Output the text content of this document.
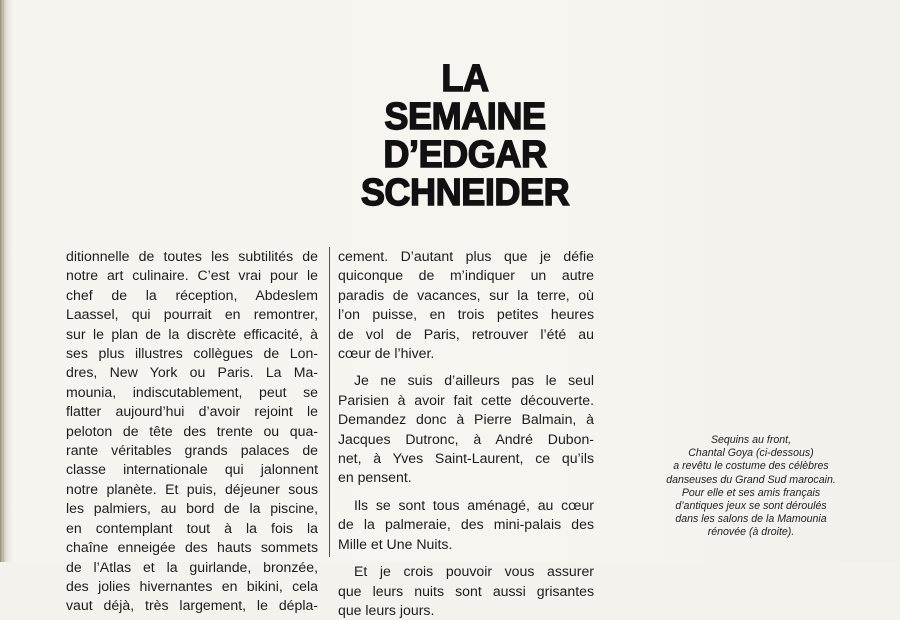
LA
SEMAINE
D’EDGAR
SCHNEIDER
ditionnelle de toutes les subtilités de
notre art culinaire. C’est vrai pour le
chef de la réception, Abdeslem
Laassel, qui pourrait en remontrer,
sur le plan de la discrète efficacité, à
ses plus illustres collègues de Lon-
dres, New York ou Paris. La Ma-
mounia, indiscutablement, peut se
flatter aujourd’hui d’avoir rejoint le
peloton de tête des trente ou qua-
rante véritables grands palaces de
classe internationale qui jalonnent
notre planète. Et puis, déjeuner sous
les palmiers, au bord de la piscine,
en contemplant tout à la fois la
chaîne enneigée des hauts sommets
de l’Atlas et la guirlande, bronzée,
des jolies hivernantes en bikini, cela
vaut déjà, très largement, le dépla-
cement. D’autant plus que je défie
quiconque de m’indiquer un autre
paradis de vacances, sur la terre, où
l’on puisse, en trois petites heures
de vol de Paris, retrouver l’été au
cœur de l’hiver.
Je ne suis d’ailleurs pas le seul
Parisien à avoir fait cette découverte.
Demandez donc à Pierre Balmain, à
Jacques Dutronc, à André Dubon-
net, à Yves Saint-Laurent, ce qu’ils
en pensent.
Ils se sont tous aménagé, au cœur
de la palmeraie, des mini-palais des
Mille et Une Nuits.
Et je crois pouvoir vous assurer
que leurs nuits sont aussi grisantes
que leurs jours.
Sequins au front,
Chantal Goya (ci-dessous)
a revêtu le costume des célèbres
danseuses du Grand Sud marocain.
Pour elle et ses amis français
d’antiques jeux se sont déroulés
dans les salons de la Mamounia
rénovée (à droite).
